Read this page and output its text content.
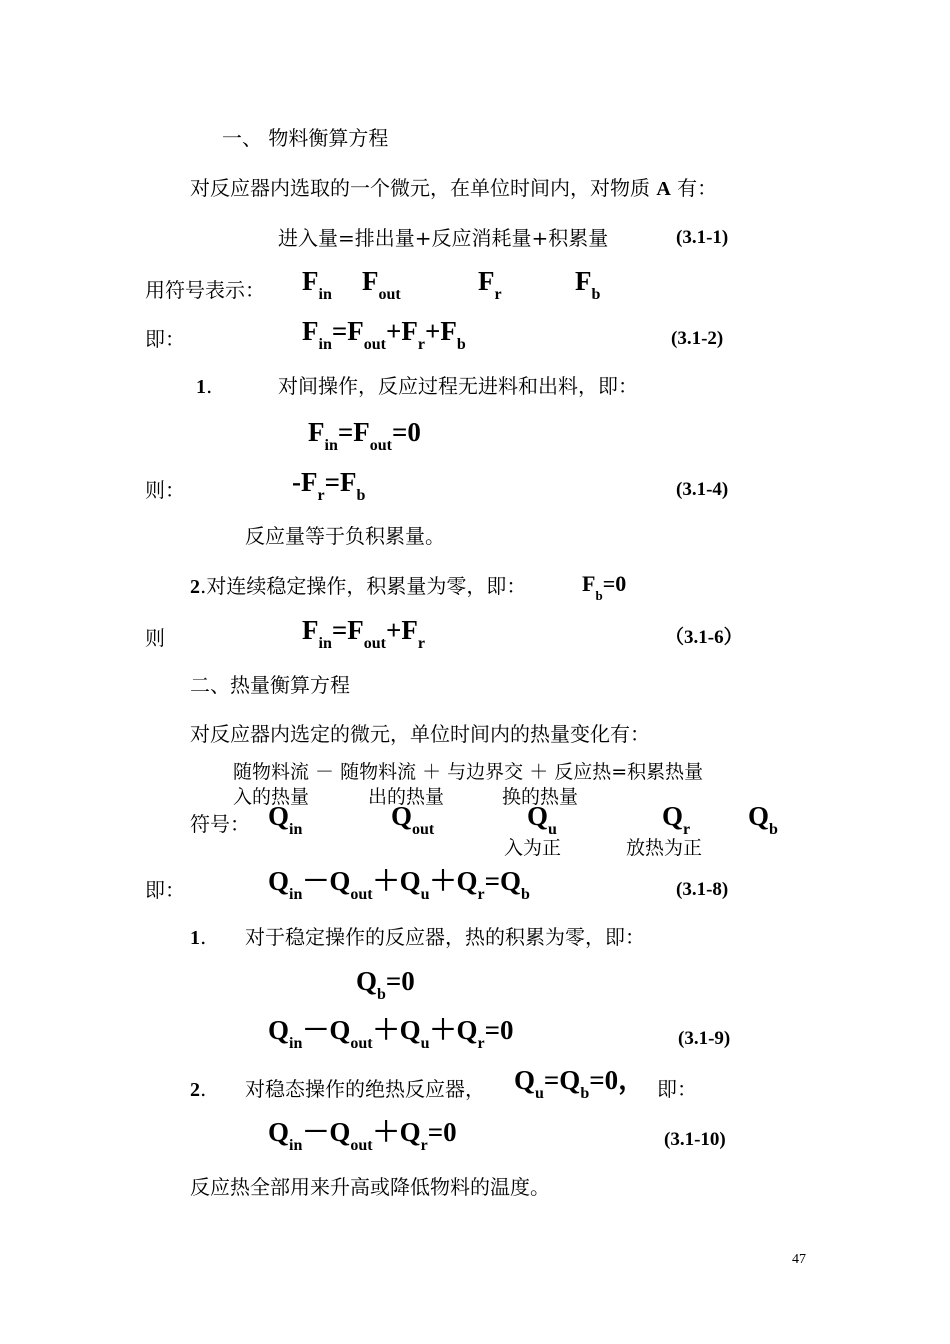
一、 物料衡算方程
对反应器内选取的一个微元，在单位时间内，对物质 A 有：
进入量=排出量+反应消耗量+积累量	(3.1-1)
用符号表示： $F_{in}$ $F_{out}$	$F_r$	$F_b$
即：	$F_{in}=F_{out}+F_r+F_b$	(3.1-2)
1.	对间操作，反应过程无进料和出料，即：
$F_{in}=F_{out}=0$
则：	$-F_r=F_b$	(3.1-4)
反应量等于负积累量。
2.对连续稳定操作，积累量为零，即：	$F_b=0$
则	$F_{in}=F_{out}+F_r$	（3.1-6）
二、热量衡算方程
对反应器内选定的微元，单位时间内的热量变化有：
随物料流 － 随物料流 ＋ 与边界交 ＋ 反应热=积累热量
入的热量	出的热量	换的热量
符号： $Q_{in}$	$Q_{out}$	$Q_u$	$Q_r$ $Q_b$
入为正	放热为正
即：	$Q_{in}-Q_{out}+Q_u+Q_r=Q_b$	(3.1-8)
1. 对于稳定操作的反应器，热的积累为零，即：
$Q_b=0$
$Q_{in}-Q_{out}+Q_u+Q_r=0$	(3.1-9)
2. 对稳态操作的绝热反应器， $Q_u=Q_b=0$， 即：
$Q_{in}-Q_{out}+Q_r=0$	(3.1-10)
反应热全部用来升高或降低物料的温度。
47
